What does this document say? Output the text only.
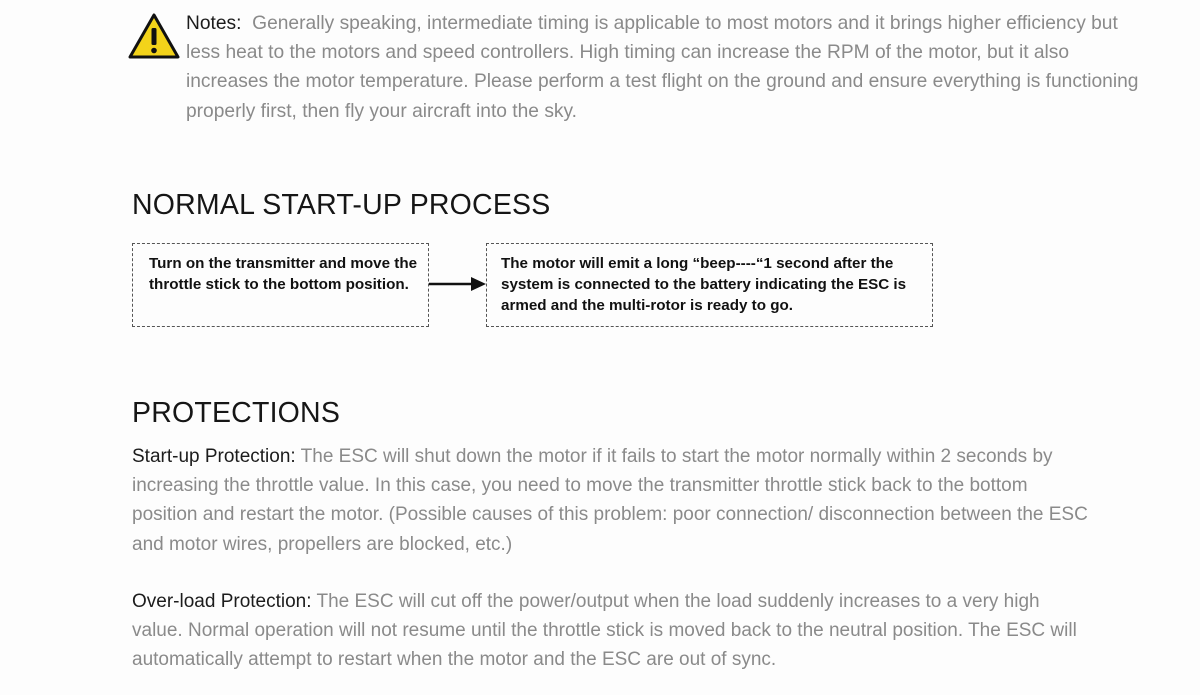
Notes: Generally speaking, intermediate timing is applicable to most motors and it brings higher efficiency but less heat to the motors and speed controllers. High timing can increase the RPM of the motor, but it also increases the motor temperature. Please perform a test flight on the ground and ensure everything is functioning properly first, then fly your aircraft into the sky.
NORMAL START-UP PROCESS
Turn on the transmitter and move the throttle stick to the bottom position.
The motor will emit a long “beep----“1 second after the system is connected to the battery indicating the ESC is armed and the multi-rotor is ready to go.
PROTECTIONS
Start-up Protection: The ESC will shut down the motor if it fails to start the motor normally within 2 seconds by increasing the throttle value. In this case, you need to move the transmitter throttle stick back to the bottom position and restart the motor. (Possible causes of this problem: poor connection/ disconnection between the ESC and motor wires, propellers are blocked, etc.)
Over-load Protection: The ESC will cut off the power/output when the load suddenly increases to a very high value. Normal operation will not resume until the throttle stick is moved back to the neutral position. The ESC will automatically attempt to restart when the motor and the ESC are out of sync.
